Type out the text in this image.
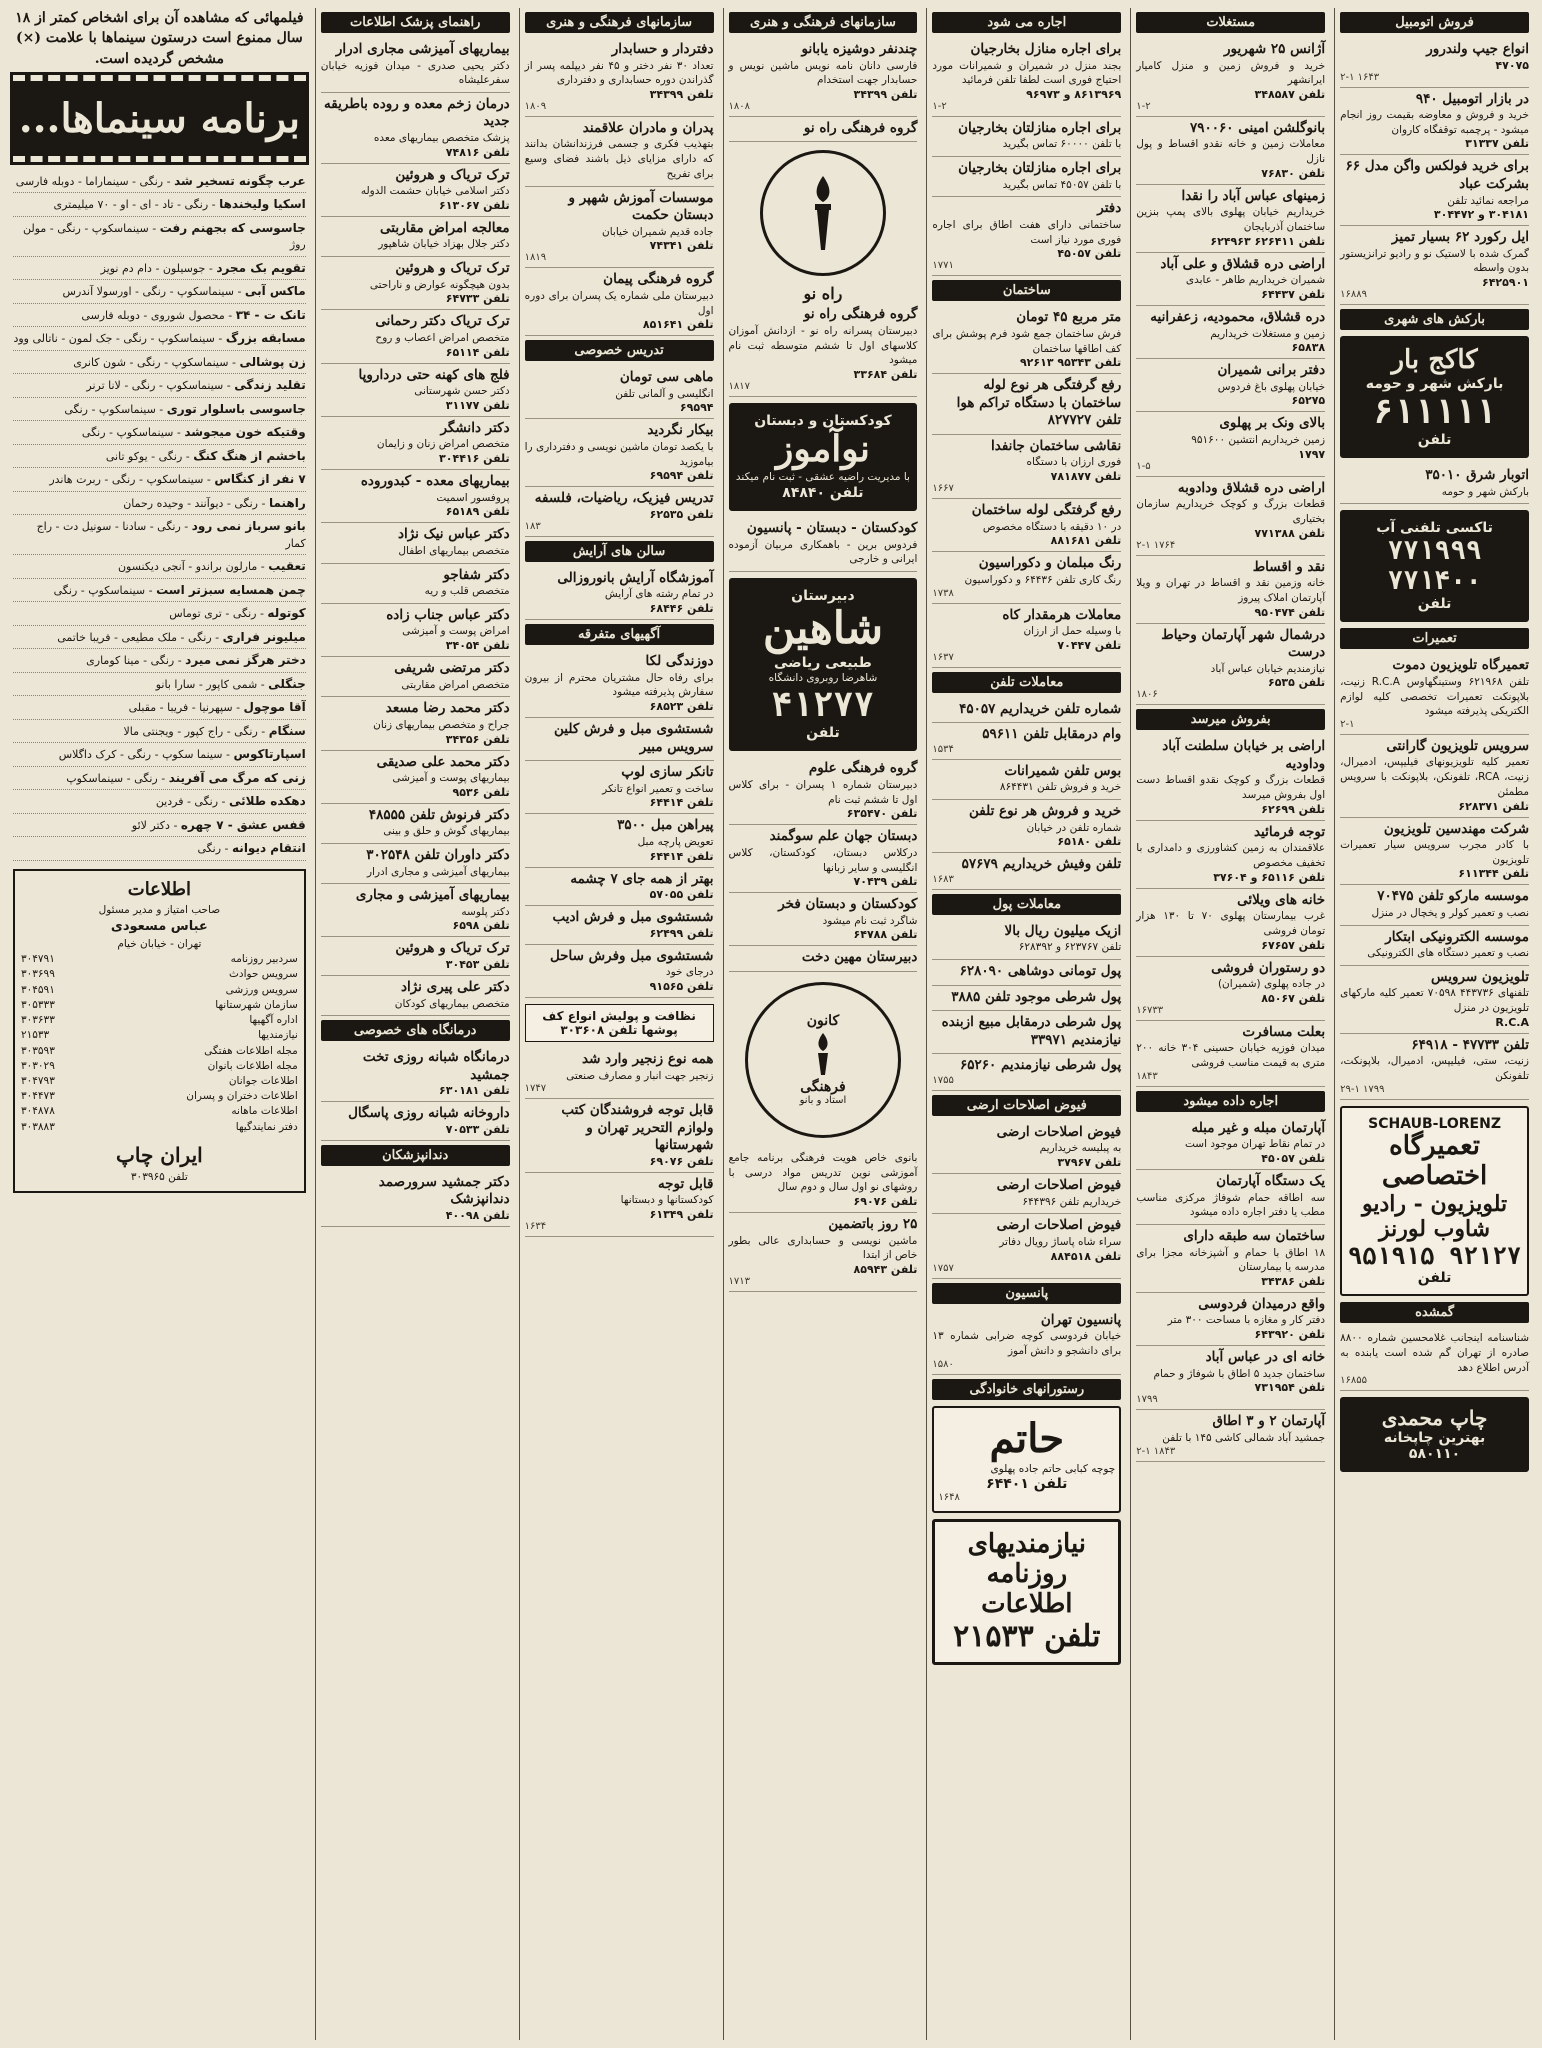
فروش اتومبیل
انواع جیپ ولندرور
۴۷۰۷۵
۲-۱ ۱۶۴۳
در بازار اتومبیل ۹۴۰
خرید و فروش و معاوضه بقیمت روز انجام میشود - پرچمبه توقفگاه کاروان
تلفن ۳۱۳۳۷
برای خرید فولکس واگن مدل ۶۶ بشرکت عباد
مراجعه نمائید تلفن
۳۰۴۱۸۱ و ۳۰۴۴۷۲
ایل رکورد ۶۲ بسیار تمیز
گمرک شده با لاستیک نو و رادیو ترانزیستور بدون واسطه
۶۴۲۵۹۰۱
۱۶۸۸۹
بارکش های شهری
کاکج بار
بارکش شهر و حومه
۶۱۱۱۱۱
تلفن
اتوبار شرق ۳۵۰۱۰
بارکش شهر و حومه
تاکسی تلفنی آب
۷۷۱۹۹۹ ۷۷۱۴۰۰
تلفن
تعمیرات
تعمیرگاه تلویزیون دموت
تلفن ۶۲۱۹۶۸ وستینگهاوس R.C.A زنیت، بلاپونکت تعمیرات تخصصی کلیه لوازم الکتریکی پذیرفته میشود
۲-۱
سرویس تلویزیون گارانتی
تعمیر کلیه تلویزیونهای فیلیپس، ادمیرال، زنیت، RCA، تلفونکن، بلاپونکت با سرویس مطمئن
تلفن ۶۲۸۳۷۱
شرکت مهندسین تلویزیون
با کادر مجرب سرویس سیار تعمیرات تلویزیون
تلفن ۶۱۱۳۴۴
موسسه مارکو تلفن ۷۰۴۷۵
نصب و تعمیر کولر و یخچال در منزل
موسسه الکترونیکی ابتکار
نصب و تعمیر دستگاه های الکترونیکی
تلویزیون سرویس
تلفنهای ۴۴۳۷۳۶ ۷۰۵۹۸ تعمیر کلیه مارکهای تلویزیون در منزل
R.C.A
تلفن ۴۷۷۳۳ - ۶۴۹۱۸
زنیت، ستی، فیلیپس، ادمیرال، بلاپونکت، تلفونکن
۲۹-۱ ۱۷۹۹
SCHAUB-LORENZ
تعمیرگاه اختصاصی
تلویزیون - رادیو
شاوب لورنز
۹۲۱۲۷ ۹۵۱۹۱۵
تلفن
گمشده
شناسنامه اینجانب غلامحسین شماره ۸۸۰۰ صادره از تهران گم شده است یابنده به آدرس اطلاع دهد
۱۶۸۵۵
چاپ محمدی
بهترین چاپخانه
۵۸۰۱۱۰
مستغلات
آژانس ۲۵ شهریور
خرید و فروش زمین و منزل کامیار ایرانشهر
تلفن ۳۴۸۵۸۷
۱-۲
بانوگلشن امینی ۷۹۰۰۶۰
معاملات زمین و خانه نقدو اقساط و پول نازل
تلفن ۷۶۸۳۰
زمینهای عباس آباد را نقدا
خریداریم خیابان پهلوی بالای پمپ بنزین ساختمان آذربایجان
تلفن ۶۲۶۴۱۱ ۶۲۴۹۶۳
اراضی دره قشلاق و علی آباد
شمیران خریداریم طاهر - عابدی
تلفن ۶۴۴۳۷
دره قشلاق، محمودیه، زعفرانیه
زمین و مستغلات خریداریم
۶۵۸۳۸
دفتر برانی شمیران
خیابان پهلوی باغ فردوس
۶۵۲۷۵
بالای ونک بر پهلوی
زمین خریداریم انتشین ۹۵۱۶۰۰
۱۷۹۷
۱-۵
اراضی دره قشلاق ودادوبه
قطعات بزرگ و کوچک خریداریم سازمان بختیاری
تلفن ۷۷۱۳۸۸
۲-۱ ۱۷۶۴
نقد و اقساط
خانه وزمین نقد و اقساط در تهران و ویلا آپارتمان املاک پیروز
تلفن ۹۵۰۴۷۴
درشمال شهر آپارتمان وحیاط درست
نیازمندیم خیابان عباس آباد
تلفن ۶۵۳۵
۱۸۰۶
بفروش میرسد
اراضی بر خیابان سلطنت آباد وداودیه
قطعات بزرگ و کوچک نقدو اقساط دست اول بفروش میرسد
تلفن ۶۲۶۹۹
توجه فرمائید
علاقمندان به زمین کشاورزی و دامداری با تخفیف مخصوص
تلفن ۶۵۱۱۶ و ۳۷۶۰۴
خانه های ویلائی
غرب بیمارستان پهلوی ۷۰ تا ۱۳۰ هزار تومان فروشی
تلفن ۶۷۶۵۷
دو رستوران فروشی
در جاده پهلوی (شمیران)
تلفن ۸۵۰۶۷
۱۶۷۳۳
بعلت مسافرت
میدان فوزیه خیابان حسینی ۳۰۴ خانه ۲۰۰ متری به قیمت مناسب فروشی
۱۸۴۳
اجاره داده میشود
آپارتمان مبله و غیر مبله
در تمام نقاط تهران موجود است
تلفن ۴۵۰۵۷
یک دستگاه آپارتمان
سه اطاقه حمام شوفاژ مرکزی مناسب مطب یا دفتر اجاره داده میشود
ساختمان سه طبقه دارای
۱۸ اطاق با حمام و آشپزخانه مجزا برای مدرسه یا بیمارستان
تلفن ۳۴۳۸۶
واقع درمیدان فردوسی
دفتر کار و مغازه با مساحت ۳۰۰ متر
تلفن ۶۴۳۹۲۰
خانه ای در عباس آباد
ساختمان جدید ۵ اطاق با شوفاژ و حمام
تلفن ۷۳۱۹۵۴
۱۷۹۹
آپارتمان ۲ و ۳ اطاق
جمشید آباد شمالی کاشی ۱۴۵ با تلفن
۲-۱ ۱۸۴۳
اجاره می شود
برای اجاره منازل بخارجیان
بجند منزل در شمیران و شمیرانات مورد احتیاج فوری است لطفا تلفن فرمائید
۸۶۱۳۹۶۹ و ۹۶۹۷۳
۱-۲
برای اجاره منازلتان بخارجیان
با تلفن ۶۰۰۰۰ تماس بگیرید
برای اجاره منازلتان بخارجیان
با تلفن ۴۵۰۵۷ تماس بگیرید
دفتر
ساختمانی دارای هفت اطاق برای اجاره فوری مورد نیاز است
تلفن ۴۵۰۵۷
۱۷۷۱
ساختمان
متر مربع ۴۵ تومان
فرش ساختمان جمع شود فرم پوشش برای کف اطاقها ساختمان
تلفن ۹۵۳۴۳ ۹۲۶۱۳
رفع گرفتگی هر نوع لوله ساختمان با دستگاه تراکم هوا تلفن ۸۲۷۷۲۷
نقاشی ساختمان جانفدا
فوری ارزان با دستگاه
تلفن ۷۸۱۸۷۷
۱۶۶۷
رفع گرفتگی لوله ساختمان
در ۱۰ دقیقه با دستگاه مخصوص
تلفن ۸۸۱۶۸۱
رنگ مبلمان و دکوراسیون
رنگ کاری تلفن ۶۴۴۳۶ و دکوراسیون
۱۷۳۸
معاملات هرمقدار کاه
با وسیله حمل از ارزان
تلفن ۷۰۴۴۷
۱۶۳۷
معاملات تلفن
شماره تلفن خریداریم ۴۵۰۵۷
وام درمقابل تلفن ۵۹۶۱۱
۱۵۳۴
بوس تلفن شمیرانات
خرید و فروش تلفن ۸۶۴۴۳۱
خرید و فروش هر نوع تلفن
شماره تلفن در خیابان
تلفن ۶۵۱۸۰
تلفن وفیش خریداریم ۵۷۶۷۹
۱۶۸۳
معاملات پول
ازیک میلیون ریال بالا
تلفن ۶۲۳۷۶۷ و ۶۲۸۳۹۲
پول تومانی دوشاهی ۶۲۸۰۹۰
پول شرطی موجود تلفن ۳۸۸۵
پول شرطی درمقابل مبیع ازبنده نیازمندیم ۳۳۹۷۱
پول شرطی نیازمندیم ۶۵۲۶۰
۱۷۵۵
فیوض اصلاحات ارضی
فیوض اصلاحات ارضی
به پبلیسه خریداریم
تلفن ۳۷۹۶۷
فیوض اصلاحات ارضی
خریداریم تلفن ۶۴۴۳۹۶
فیوض اصلاحات ارضی
سراء شاه پاساژ رویال دفاتر
تلفن ۸۸۴۵۱۸
۱۷۵۷
پانسیون
پانسیون تهران
خیابان فردوسی کوچه ضرابی شماره ۱۳ برای دانشجو و دانش آموز
۱۵۸۰
رستورانهای خانوادگی
حاتم
چوچه کبابی حاتم جاده پهلوی
تلفن ۶۴۴۰۱
۱۶۴۸
نیازمندیهای
روزنامه اطلاعات
تلفن ۲۱۵۳۳
سازمانهای فرهنگی و هنری
چندنفر دوشیزه یابانو
فارسی دانان نامه نویس ماشین نویس و حسابدار جهت استخدام
تلفن ۳۴۳۹۹
۱۸۰۸
گروه فرهنگی راه نو
راه نو
گروه فرهنگی راه نو
دبیرستان پسرانه راه نو - ازدانش آموزان کلاسهای اول تا ششم متوسطه ثبت نام میشود
تلفن ۳۳۶۸۴
۱۸۱۷
کودکستان و دبستان
نوآموز
با مدیریت راضیه عشقی - ثبت نام میکند
تلفن ۸۴۸۴۰
کودکستان - دبستان - پانسیون
فردوس برین - باهمکاری مربیان آزموده ایرانی و خارجی
دبیرستان
شاهین
طبیعی ریاضی
شاهرضا روبروی دانشگاه
۴۱۲۷۷
تلفن
گروه فرهنگی علوم
دبیرستان شماره ۱ پسران - برای کلاس اول تا ششم ثبت نام
تلفن ۶۳۵۴۷۰
دبستان جهان علم سوگمند
درکلاس دبستان، کودکستان، کلاس انگلیسی و سایر زبانها
تلفن ۷۰۴۳۹
کودکستان و دبستان فخر
شاگرد ثبت نام میشود
تلفن ۶۴۷۸۸
دبیرستان مهین دخت
کانون
فرهنگی
استاد و بانو
بانوی خاص هویت فرهنگی برنامه جامع آموزشی نوین تدریس مواد درسی با روشهای نو اول سال و دوم سال
تلفن ۶۹۰۷۶
۲۵ روز باتضمین
ماشین نویسی و حسابداری عالی بطور خاص از ابتدا
تلفن ۸۵۹۴۳
۱۷۱۳
سازمانهای فرهنگی و هنری
دفتردار و حسابدار
تعداد ۳۰ نفر دختر و ۴۵ نفر دیپلمه پسر از گذراندن دوره حسابداری و دفترداری
تلفن ۳۴۳۹۹
۱۸۰۹
پدران و مادران علاقمند
بتهذیب فکری و جسمی فرزندانشان بدانند که دارای مزایای ذیل باشند فضای وسیع برای تفریح
موسسات آموزش شهپر و دبستان حکمت
جاده قدیم شمیران خیابان
تلفن ۷۴۳۴۱
۱۸۱۹
گروه فرهنگی پیمان
دبیرستان ملی شماره یک پسران برای دوره اول
تلفن ۸۵۱۶۴۱
تدریس خصوصی
ماهی سی تومان
انگلیسی و آلمانی تلفن
۶۹۵۹۴
بیکار نگردید
با یکصد تومان ماشین نویسی و دفترداری را بیاموزید
تلفن ۶۹۵۹۴
تدریس فیزیک، ریاضیات، فلسفه
تلفن ۶۲۵۳۵
۱۸۳
سالن های آرایش
آموزشگاه آرایش بانوروزالی
در تمام رشته های آرایش
تلفن ۶۸۴۴۶
آگهیهای متفرقه
دوزندگی لکا
برای رفاه حال مشتریان محترم از بیرون سفارش پذیرفته میشود
تلفن ۶۸۵۲۳
شستشوی مبل و فرش کلین سرویس مبیر
تانکر سازی لوپ
ساخت و تعمیر انواع تانکر
تلفن ۶۴۴۱۴
پیراهن مبل ۳۵۰۰
تعویض پارچه مبل
تلفن ۶۴۴۱۴
بهتر از همه جای ۷ چشمه
تلفن ۵۷۰۵۵
شستشوی مبل و فرش ادیب
تلفن ۶۲۴۹۹
شستشوی مبل وفرش ساحل
درجای خود
تلفن ۹۱۵۶۵
نظافت و پولیش انواع کف پوشها تلفن ۳۰۳۶۰۸
همه نوع زنجیر وارد شد
زنجیر جهت انبار و مصارف صنعتی
۱۷۴۷
قابل توجه فروشندگان کتب ولوازم التحریر تهران و شهرستانها
تلفن ۶۹۰۷۶
قابل توجه
کودکستانها و دبستانها
تلفن ۶۱۳۴۹
۱۶۳۴
راهنمای پزشک اطلاعات
بیماریهای آمیزشی مجاری ادرار
دکتر یحیی صدری - میدان فوزیه خیابان سفرعلیشاه
درمان زخم معده و روده باطریقه جدید
پزشک متخصص بیماریهای معده
تلفن ۷۴۸۱۶
ترک تریاک و هروئین
دکتر اسلامی خیابان حشمت الدوله
تلفن ۶۱۳۰۶۷
معالجه امراض مقاربتی
دکتر جلال بهزاد خیابان شاهپور
ترک تریاک و هروئین
بدون هیچگونه عوارض و ناراحتی
تلفن ۶۴۷۳۳
ترک تریاک دکتر رحمانی
متخصص امراض اعصاب و روح
تلفن ۶۵۱۱۴
فلج های کهنه حتی درداروپا
دکتر حسن شهرستانی
تلفن ۳۱۱۷۷
دکتر دانشگر
متخصص امراض زنان و زایمان
تلفن ۳۰۴۴۱۶
بیماریهای معده - کبدوروده
پروفسور اسمیت
تلفن ۶۵۱۸۹
دکتر عباس نیک نژاد
متخصص بیماریهای اطفال
دکتر شفاجو
متخصص قلب و ریه
دکتر عباس جناب زاده
امراض پوست و آمیزشی
تلفن ۳۴۰۵۴
دکتر مرتضی شریفی
متخصص امراض مقاربتی
دکتر محمد رضا مسعد
جراح و متخصص بیماریهای زنان
تلفن ۳۴۳۵۶
دکتر محمد علی صدیقی
بیماریهای پوست و آمیزشی
تلفن ۹۵۳۶
دکتر فرنوش تلفن ۴۸۵۵۵
بیماریهای گوش و حلق و بینی
دکتر داوران تلفن ۳۰۲۵۴۸
بیماریهای آمیزشی و مجاری ادرار
بیماریهای آمیزشی و مجاری
دکتر پلوسه
تلفن ۶۵۹۸
ترک تریاک و هروئین
تلفن ۳۰۴۵۳
دکتر علی پیری نژاد
متخصص بیماریهای کودکان
درمانگاه های خصوصی
درمانگاه شبانه روزی تخت جمشید
تلفن ۶۳۰۱۸۱
داروخانه شبانه روزی پاسگال
تلفن ۷۰۵۳۳
دندانپزشکان
دکتر جمشید سرورصمد دندانپزشک
تلفن ۴۰۰۹۸
فیلمهائی که مشاهده آن برای اشخاص کمتر از ۱۸ سال ممنوع است درستون سینماها با علامت (×) مشخص گردیده است.
برنامه سینماها...
عرب چگونه تسخیر شد - رنگی - سینماراما - دوبله فارسی
اسکیا ولیخند‌ها - رنگی - تاد - ای - او - ۷۰ میلیمتری
جاسوسی که بجهنم رفت - سینماسکوپ - رنگی - مولن روژ
تقویم بک مجرد - جوسیلون - دام دم نویز
ماکس آبی - سینماسکوپ - رنگی - اورسولا آندرس
تانک ت - ۳۴ - محصول شوروی - دوبله فارسی
مسابقه بزرگ - سینماسکوپ - رنگی - جک لمون - ناتالی وود
زن پوشالی - سینماسکوپ - رنگی - شون کانری
تقلید زندگی - سینماسکوپ - رنگی - لانا ترنر
جاسوسی باسلوار توری - سینماسکوپ - رنگی
وقتیکه خون میجوشد - سینماسکوپ - رنگی
باخشم از هنگ کنگ - رنگی - یوکو تانی
۷ نفر از کنگاس - سینماسکوپ - رنگی - ربرت هاندر
راهنما - رنگی - دیوآنند - وحیده رحمان
بانو سرباز نمی رود - رنگی - سادنا - سونیل دت - راج کمار
تعقیب - مارلون براندو - آنجی دیکنسون
چمن همسایه سبزتر است - سینماسکوپ - رنگی
کوتوله - رنگی - تری توماس
میلیونر فراری - رنگی - ملک مطیعی - فریبا خاتمی
دختر هرگز نمی میرد - رنگی - مینا کوماری
جنگلی - شمی کاپور - سارا بانو
آقا موچول - سپهرنیا - فریبا - مقبلی
سنگام - رنگی - راج کپور - ویجنتی مالا
اسپارتاکوس - سینما سکوپ - رنگی - کرک داگلاس
زنی که مرگ می آفریند - رنگی - سینماسکوپ
دهکده طلائی - رنگی - فردین
قفس عشق - ۷ چهره - دکتر لائو
انتقام دیوانه - رنگی
اطلاعات
صاحب امتیاز و مدیر مسئول
عباس مسعودی
تهران - خیابان خیام
سردبیر روزنامه
۳۰۴۷۹۱
سرویس حوادث
۳۰۳۶۹۹
سرویس ورزشی
۳۰۴۵۹۱
سازمان شهرستانها
۳۰۵۳۳۳
اداره آگهیها
۳۰۳۶۳۳
نیازمندیها
۲۱۵۳۳
مجله اطلاعات هفتگی
۳۰۳۵۹۳
مجله اطلاعات بانوان
۳۰۳۰۲۹
اطلاعات جوانان
۳۰۴۷۹۳
اطلاعات دختران و پسران
۳۰۴۴۷۳
اطلاعات ماهانه
۳۰۴۸۷۸
دفتر نمایندگیها
۳۰۳۸۸۳
ایران چاپ
تلفن ۳۰۳۹۶۵
